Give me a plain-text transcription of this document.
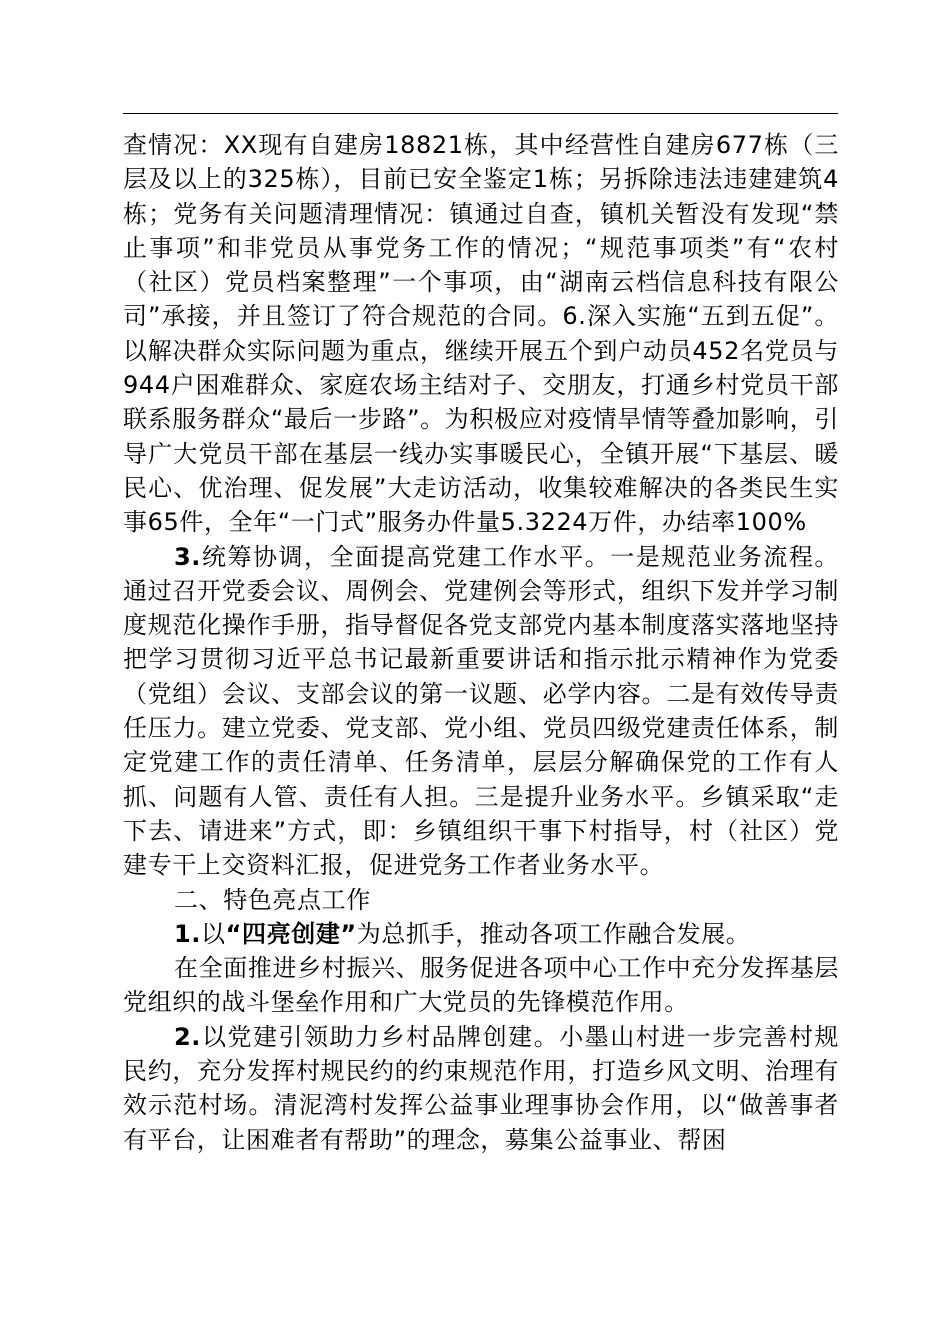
查情况：XX现有自建房18821栋，其中经营性自建房677栋（三层及以上的325栋），目前已安全鉴定1栋；另拆除违法违建建筑4栋；党务有关问题清理情况：镇通过自查，镇机关暂没有发现“禁止事项”和非党员从事党务工作的情况；“规范事项类”有“农村（社区）党员档案整理”一个事项，由“湖南云档信息科技有限公司”承接，并且签订了符合规范的合同。6.深入实施“五到五促”。以解决群众实际问题为重点，继续开展五个到户动员452名党员与944户困难群众、家庭农场主结对子、交朋友，打通乡村党员干部联系服务群众“最后一步路”。为积极应对疫情旱情等叠加影响，引导广大党员干部在基层一线办实事暖民心，全镇开展“下基层、暖民心、优治理、促发展”大走访活动，收集较难解决的各类民生实事65件，全年“一门式”服务办件量5.3224万件，办结率100%

3.统筹协调，全面提高党建工作水平。一是规范业务流程。通过召开党委会议、周例会、党建例会等形式，组织下发并学习制度规范化操作手册，指导督促各党支部党内基本制度落实落地坚持把学习贯彻习近平总书记最新重要讲话和指示批示精神作为党委（党组）会议、支部会议的第一议题、必学内容。二是有效传导责任压力。建立党委、党支部、党小组、党员四级党建责任体系，制定党建工作的责任清单、任务清单，层层分解确保党的工作有人抓、问题有人管、责任有人担。三是提升业务水平。乡镇采取“走下去、请进来”方式，即：乡镇组织干事下村指导，村（社区）党建专干上交资料汇报，促进党务工作者业务水平。

二、特色亮点工作

1.以“四亮创建”为总抓手，推动各项工作融合发展。

在全面推进乡村振兴、服务促进各项中心工作中充分发挥基层党组织的战斗堡垒作用和广大党员的先锋模范作用。

2.以党建引领助力乡村品牌创建。小墨山村进一步完善村规民约，充分发挥村规民约的约束规范作用，打造乡风文明、治理有效示范村场。清泥湾村发挥公益事业理事协会作用，以“做善事者有平台，让困难者有帮助”的理念，募集公益事业、帮困
